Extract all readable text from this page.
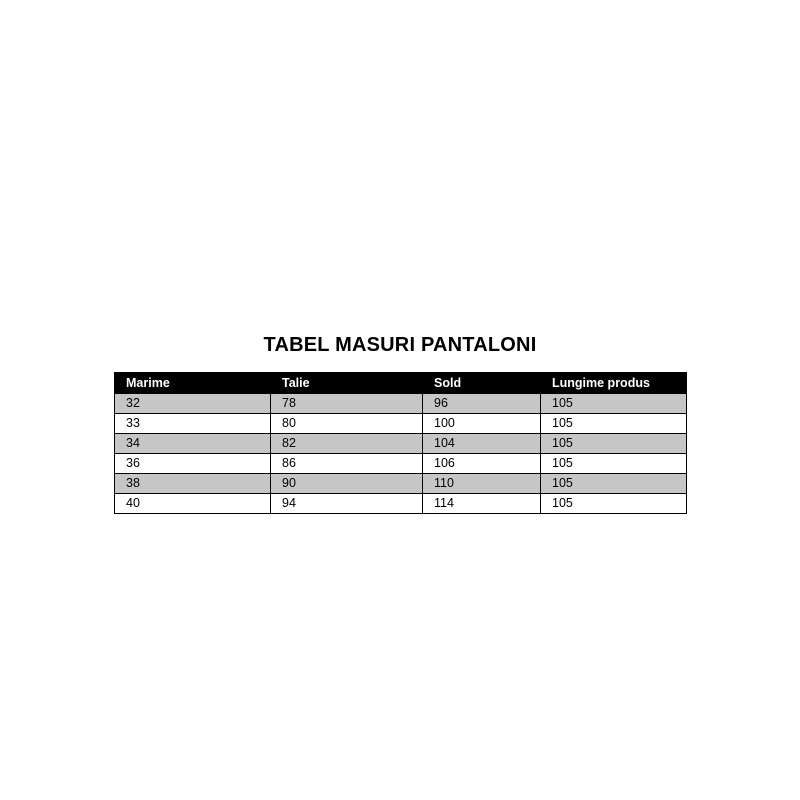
TABEL MASURI PANTALONI
Marime	Talie	Sold	Lungime produs
32	78	96	105
33	80	100	105
34	82	104	105
36	86	106	105
38	90	110	105
40	94	114	105
